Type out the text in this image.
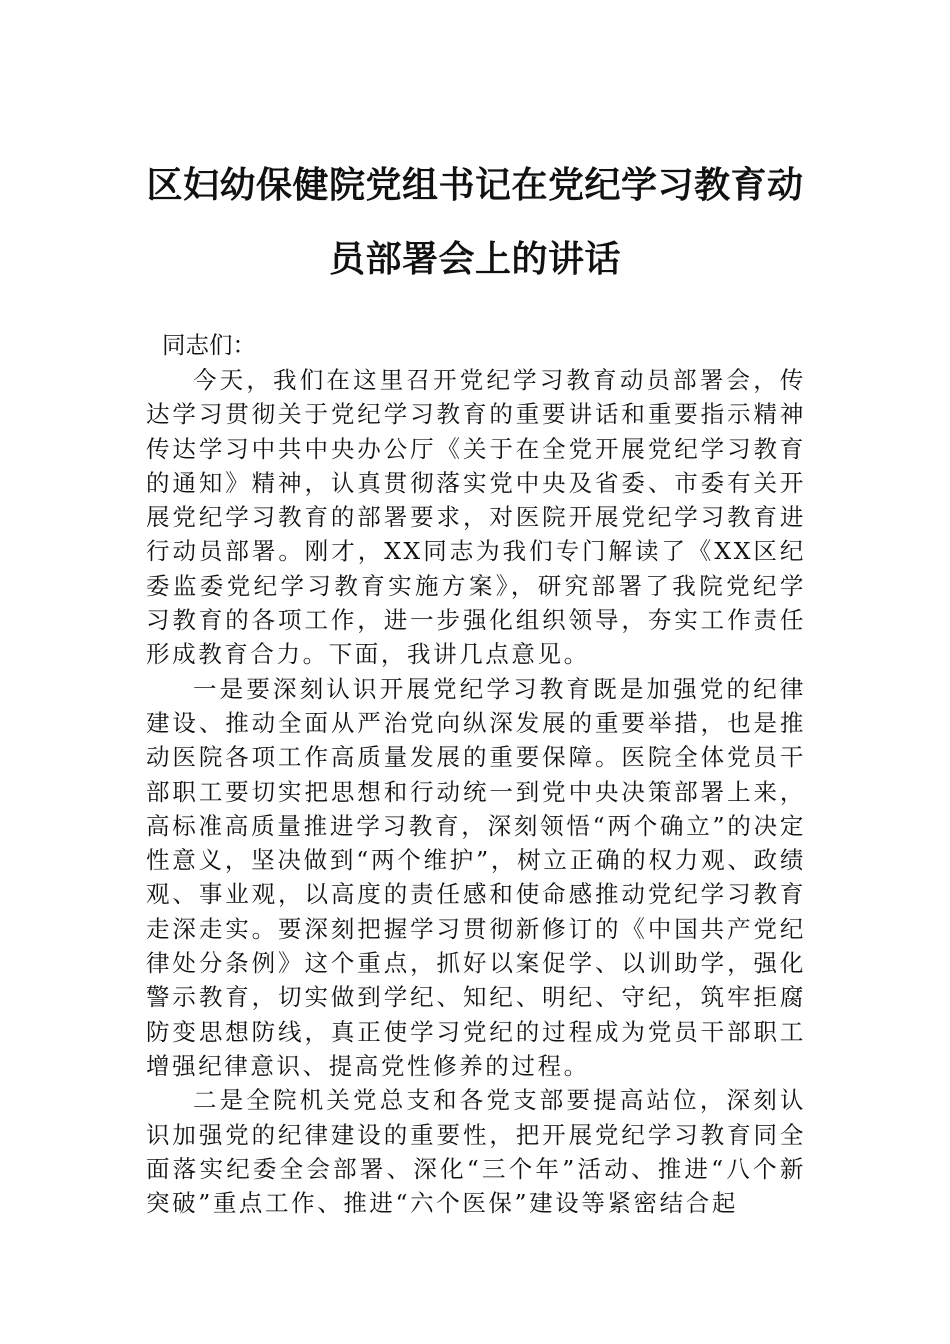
区妇幼保健院党组书记在党纪学习教育动
员部署会上的讲话

同志们：

今天，我们在这里召开党纪学习教育动员部署会，传达学习贯彻关于党纪学习教育的重要讲话和重要指示精神传达学习中共中央办公厅《关于在全党开展党纪学习教育的通知》精神，认真贯彻落实党中央及省委、市委有关开展党纪学习教育的部署要求，对医院开展党纪学习教育进行动员部署。刚才，XX同志为我们专门解读了《XX区纪委监委党纪学习教育实施方案》，研究部署了我院党纪学习教育的各项工作，进一步强化组织领导，夯实工作责任形成教育合力。下面，我讲几点意见。

一是要深刻认识开展党纪学习教育既是加强党的纪律建设、推动全面从严治党向纵深发展的重要举措，也是推动医院各项工作高质量发展的重要保障。医院全体党员干部职工要切实把思想和行动统一到党中央决策部署上来，高标准高质量推进学习教育，深刻领悟“两个确立”的决定性意义，坚决做到“两个维护”，树立正确的权力观、政绩观、事业观，以高度的责任感和使命感推动党纪学习教育走深走实。要深刻把握学习贯彻新修订的《中国共产党纪律处分条例》这个重点，抓好以案促学、以训助学，强化警示教育，切实做到学纪、知纪、明纪、守纪，筑牢拒腐防变思想防线，真正使学习党纪的过程成为党员干部职工增强纪律意识、提高党性修养的过程。

二是全院机关党总支和各党支部要提高站位，深刻认识加强党的纪律建设的重要性，把开展党纪学习教育同全面落实纪委全会部署、深化“三个年”活动、推进“八个新突破”重点工作、推进“六个医保”建设等紧密结合起
